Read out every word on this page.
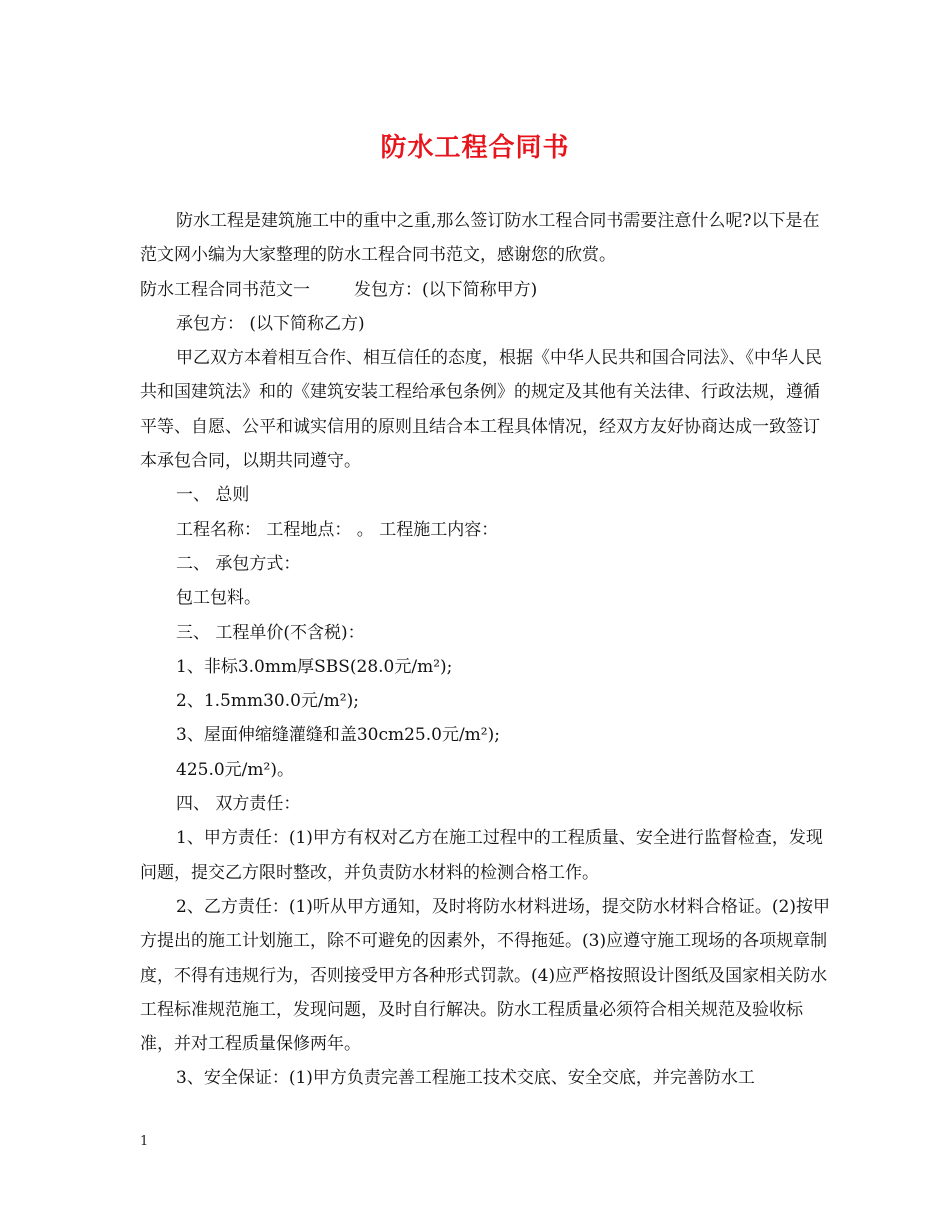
防水工程合同书

防水工程是建筑施工中的重中之重,那么签订防水工程合同书需要注意什么呢?以下是在范文网小编为大家整理的防水工程合同书范文，感谢您的欣赏。

防水工程合同书范文一	发包方：(以下简称甲方)

承包方： (以下简称乙方)

甲乙双方本着相互合作、相互信任的态度，根据《中华人民共和国合同法》、《中华人民共和国建筑法》和的《建筑安装工程给承包条例》的规定及其他有关法律、行政法规，遵循平等、自愿、公平和诚实信用的原则且结合本工程具体情况，经双方友好协商达成一致签订本承包合同，以期共同遵守。

一、 总则

工程名称： 工程地点： 。 工程施工内容：

二、 承包方式：

包工包料。

三、 工程单价(不含税)：

1、非标3.0mm厚SBS(28.0元/m²);

2、1.5mm30.0元/m²);

3、屋面伸缩缝灌缝和盖30cm25.0元/m²);

425.0元/m²)。

四、 双方责任：

1、甲方责任：(1)甲方有权对乙方在施工过程中的工程质量、安全进行监督检查，发现问题，提交乙方限时整改，并负责防水材料的检测合格工作。

2、乙方责任：(1)听从甲方通知，及时将防水材料进场，提交防水材料合格证。(2)按甲方提出的施工计划施工，除不可避免的因素外，不得拖延。(3)应遵守施工现场的各项规章制度，不得有违规行为，否则接受甲方各种形式罚款。(4)应严格按照设计图纸及国家相关防水工程标准规范施工，发现问题，及时自行解决。防水工程质量必须符合相关规范及验收标准，并对工程质量保修两年。

3、安全保证：(1)甲方负责完善工程施工技术交底、安全交底，并完善防水工

1
